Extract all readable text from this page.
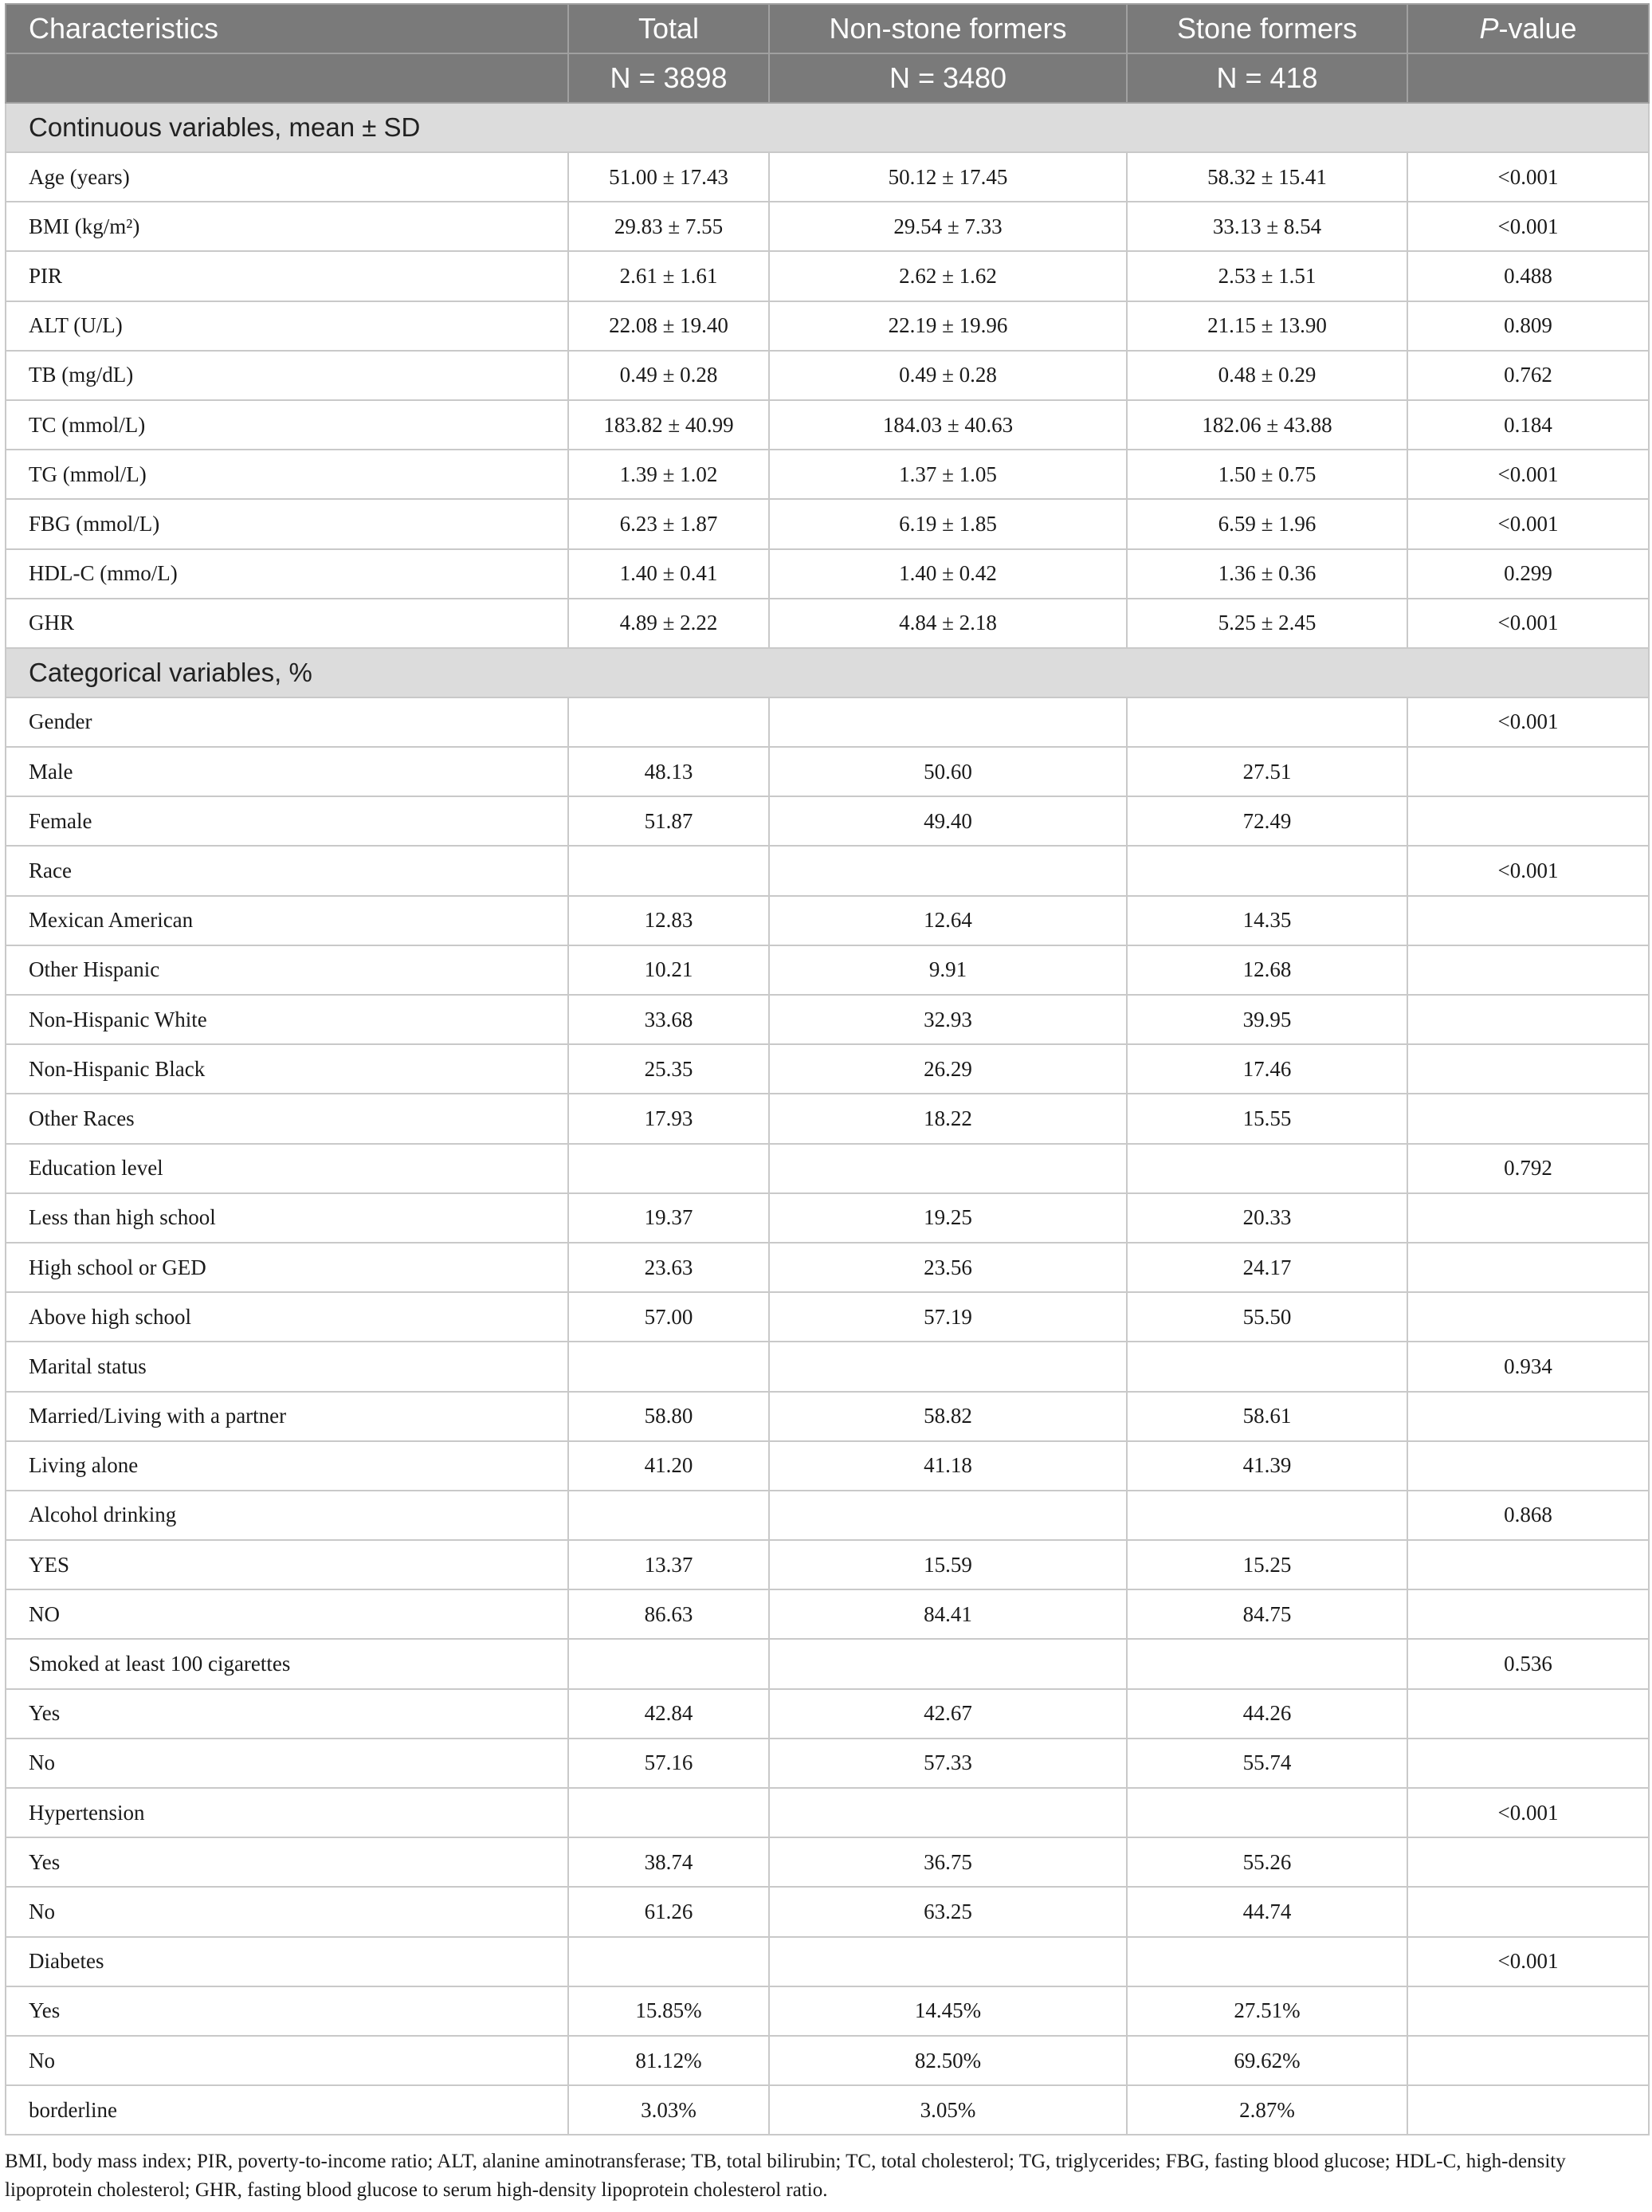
Characteristics	Total	Non-stone formers	Stone formers	P-value
	N = 3898	N = 3480	N = 418	
Continuous variables, mean ± SD				
Age (years)	51.00 ± 17.43	50.12 ± 17.45	58.32 ± 15.41	<0.001
BMI (kg/m²)	29.83 ± 7.55	29.54 ± 7.33	33.13 ± 8.54	<0.001
PIR	2.61 ± 1.61	2.62 ± 1.62	2.53 ± 1.51	0.488
ALT (U/L)	22.08 ± 19.40	22.19 ± 19.96	21.15 ± 13.90	0.809
TB (mg/dL)	0.49 ± 0.28	0.49 ± 0.28	0.48 ± 0.29	0.762
TC (mmol/L)	183.82 ± 40.99	184.03 ± 40.63	182.06 ± 43.88	0.184
TG (mmol/L)	1.39 ± 1.02	1.37 ± 1.05	1.50 ± 0.75	<0.001
FBG (mmol/L)	6.23 ± 1.87	6.19 ± 1.85	6.59 ± 1.96	<0.001
HDL-C (mmo/L)	1.40 ± 0.41	1.40 ± 0.42	1.36 ± 0.36	0.299
GHR	4.89 ± 2.22	4.84 ± 2.18	5.25 ± 2.45	<0.001
Categorical variables, %				
Gender				<0.001
Male	48.13	50.60	27.51	
Female	51.87	49.40	72.49	
Race				<0.001
Mexican American	12.83	12.64	14.35	
Other Hispanic	10.21	9.91	12.68	
Non-Hispanic White	33.68	32.93	39.95	
Non-Hispanic Black	25.35	26.29	17.46	
Other Races	17.93	18.22	15.55	
Education level				0.792
Less than high school	19.37	19.25	20.33	
High school or GED	23.63	23.56	24.17	
Above high school	57.00	57.19	55.50	
Marital status				0.934
Married/Living with a partner	58.80	58.82	58.61	
Living alone	41.20	41.18	41.39	
Alcohol drinking				0.868
YES	13.37	15.59	15.25	
NO	86.63	84.41	84.75	
Smoked at least 100 cigarettes				0.536
Yes	42.84	42.67	44.26	
No	57.16	57.33	55.74	
Hypertension				<0.001
Yes	38.74	36.75	55.26	
No	61.26	63.25	44.74	
Diabetes				<0.001
Yes	15.85%	14.45%	27.51%	
No	81.12%	82.50%	69.62%	
borderline	3.03%	3.05%	2.87%	
BMI, body mass index; PIR, poverty-to-income ratio; ALT, alanine aminotransferase; TB, total bilirubin; TC, total cholesterol; TG, triglycerides; FBG, fasting blood glucose; HDL-C, high-density lipoprotein cholesterol; GHR, fasting blood glucose to serum high-density lipoprotein cholesterol ratio.
